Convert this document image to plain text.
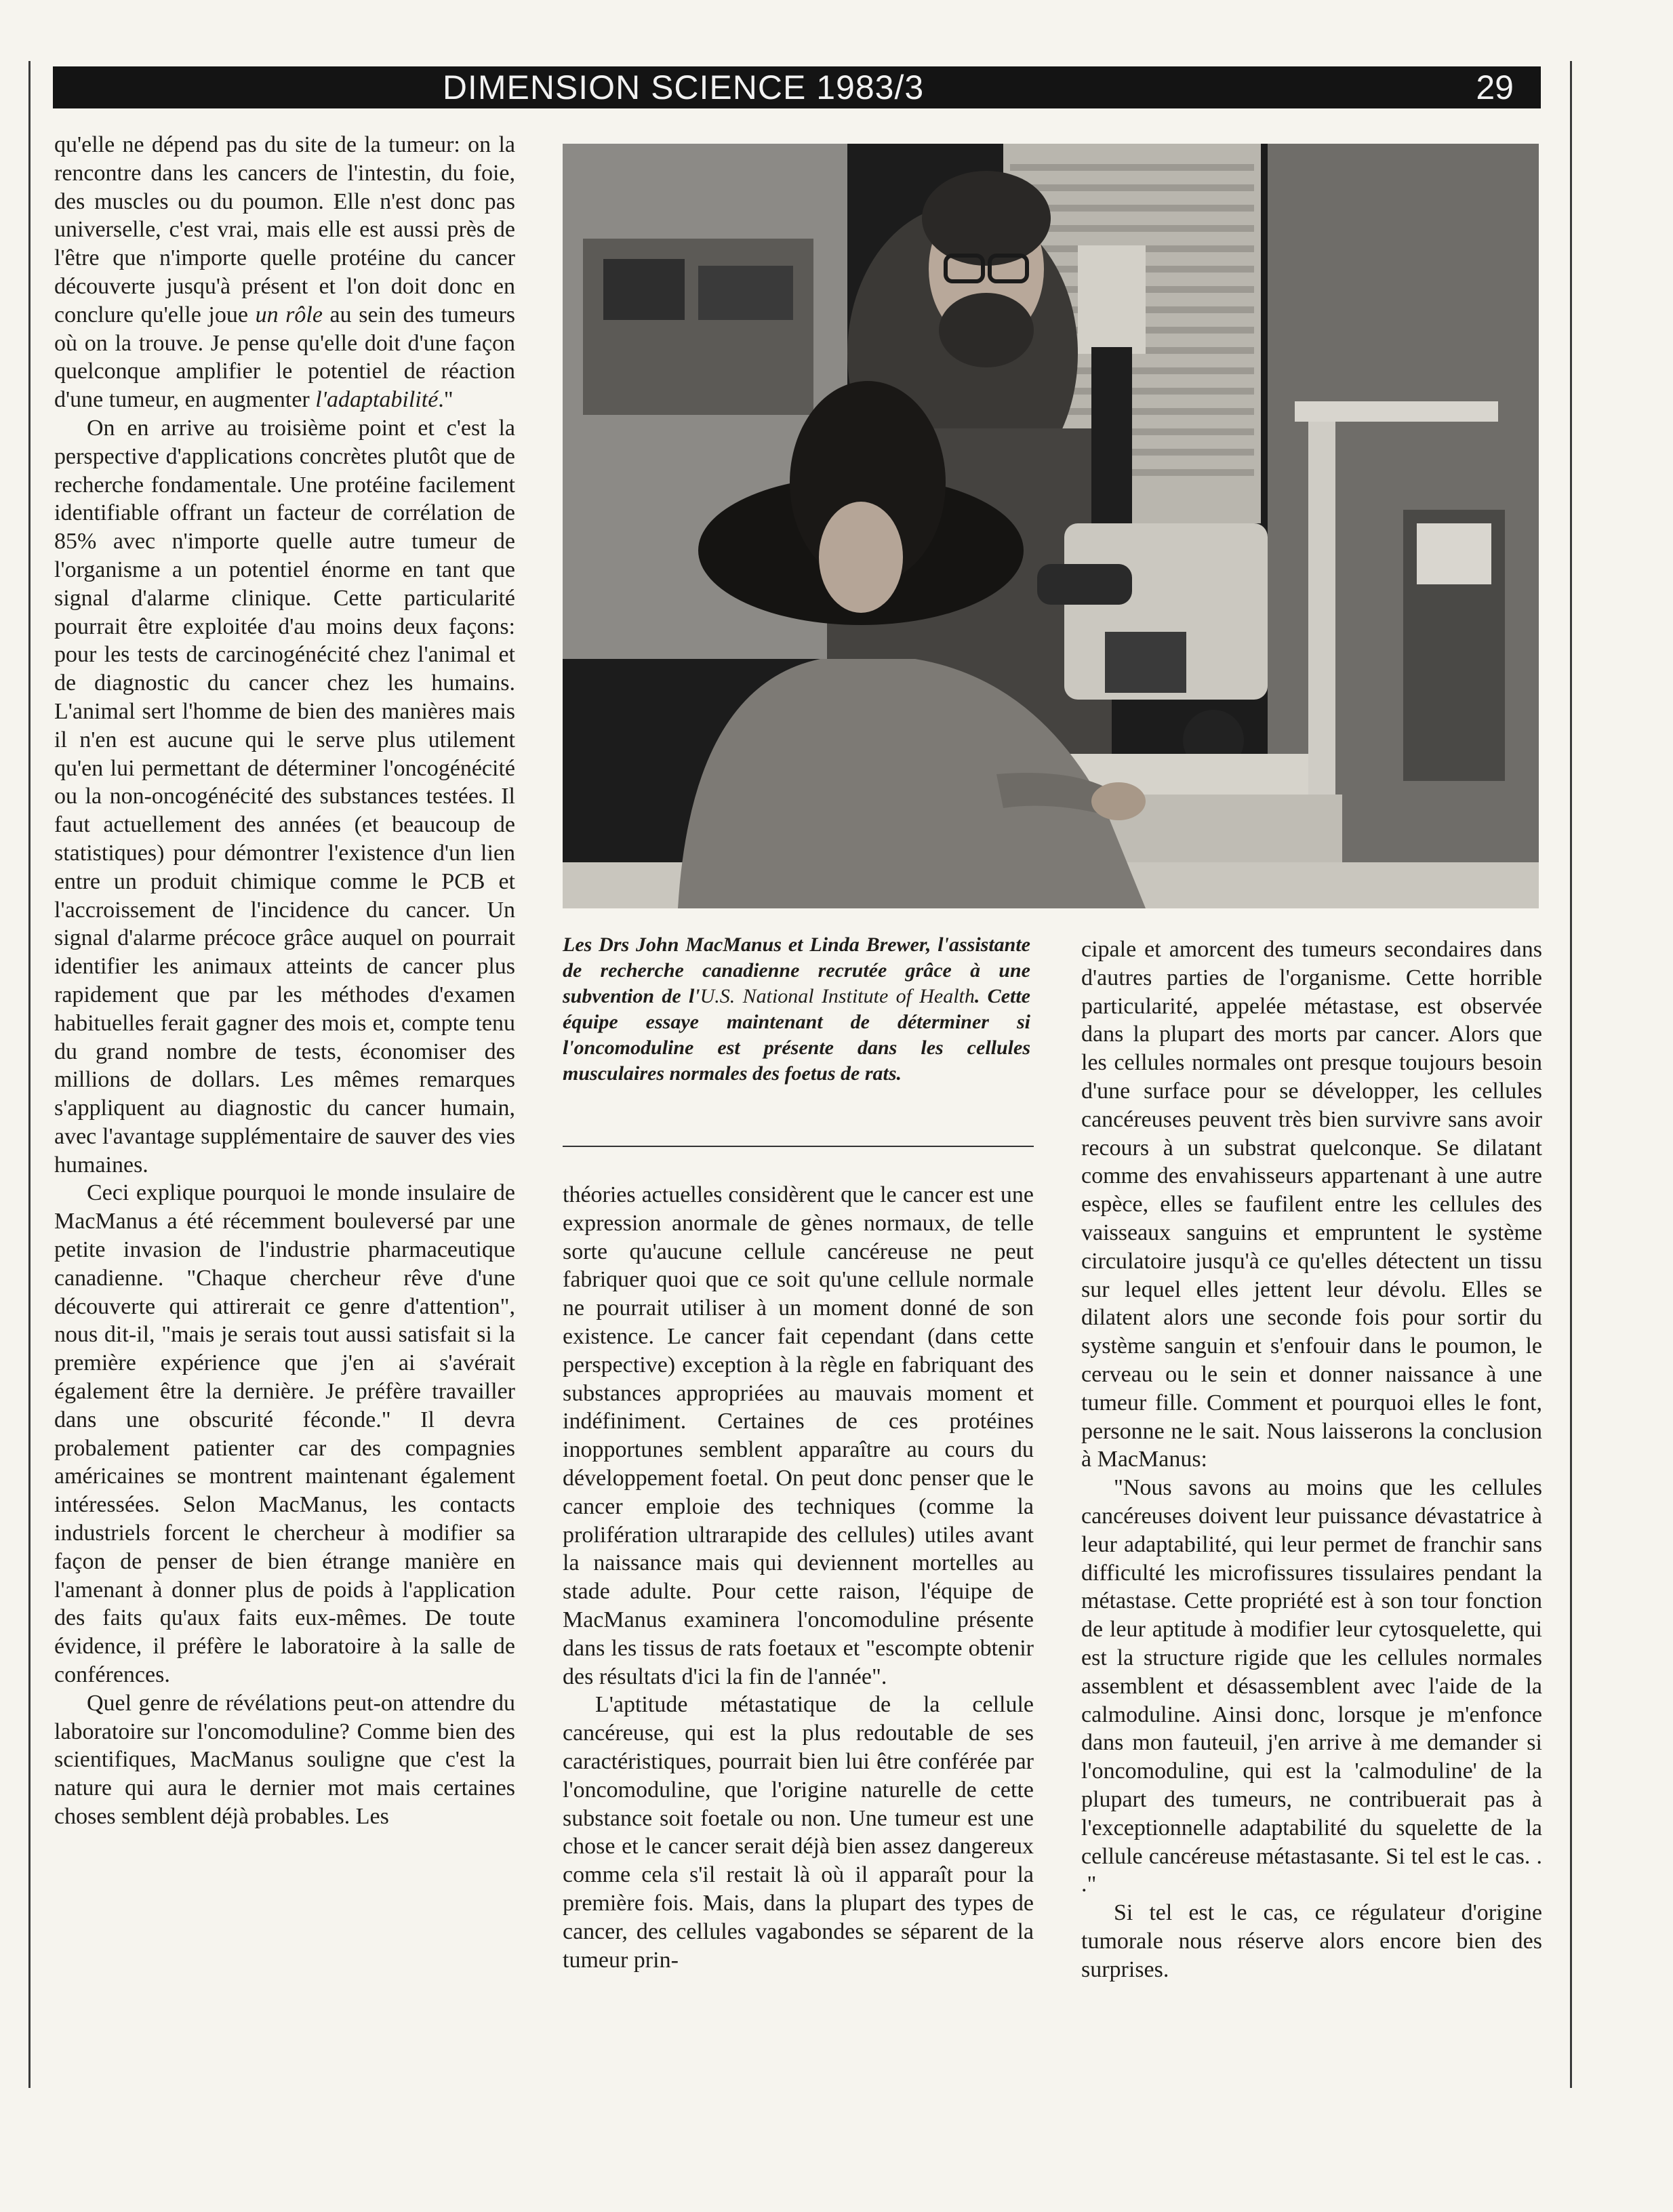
DIMENSION SCIENCE 1983/3	29

qu'elle ne dépend pas du site de la tumeur: on la rencontre dans les cancers de l'intestin, du foie, des muscles ou du poumon. Elle n'est donc pas universelle, c'est vrai, mais elle est aussi près de l'être que n'importe quelle protéine du cancer découverte jusqu'à présent et l'on doit donc en conclure qu'elle joue un rôle au sein des tumeurs où on la trouve. Je pense qu'elle doit d'une façon quelconque amplifier le potentiel de réaction d'une tumeur, en augmenter l'adaptabilité."

On en arrive au troisième point et c'est la perspective d'applications concrètes plutôt que de recherche fondamentale. Une protéine facilement identifiable offrant un facteur de corrélation de 85% avec n'importe quelle autre tumeur de l'organisme a un potentiel énorme en tant que signal d'alarme clinique. Cette particularité pourrait être exploitée d'au moins deux façons: pour les tests de carcinogénécité chez l'animal et de diagnostic du cancer chez les humains. L'animal sert l'homme de bien des manières mais il n'en est aucune qui le serve plus utilement qu'en lui permettant de déterminer l'oncogénécité ou la non-oncogénécité des substances testées. Il faut actuellement des années (et beaucoup de statistiques) pour démontrer l'existence d'un lien entre un produit chimique comme le PCB et l'accroissement de l'incidence du cancer. Un signal d'alarme précoce grâce auquel on pourrait identifier les animaux atteints de cancer plus rapidement que par les méthodes d'examen habituelles ferait gagner des mois et, compte tenu du grand nombre de tests, économiser des millions de dollars. Les mêmes remarques s'appliquent au diagnostic du cancer humain, avec l'avantage supplémentaire de sauver des vies humaines.

Ceci explique pourquoi le monde insulaire de MacManus a été récemment bouleversé par une petite invasion de l'industrie pharmaceutique canadienne. "Chaque chercheur rêve d'une découverte qui attirerait ce genre d'attention", nous dit-il, "mais je serais tout aussi satisfait si la première expérience que j'en ai s'avérait également être la dernière. Je préfère travailler dans une obscurité féconde." Il devra probalement patienter car des compagnies américaines se montrent maintenant également intéressées. Selon MacManus, les contacts industriels forcent le chercheur à modifier sa façon de penser de bien étrange manière en l'amenant à donner plus de poids à l'application des faits qu'aux faits eux-mêmes. De toute évidence, il préfère le laboratoire à la salle de conférences.

Quel genre de révélations peut-on attendre du laboratoire sur l'oncomoduline? Comme bien des scientifiques, MacManus souligne que c'est la nature qui aura le dernier mot mais certaines choses semblent déjà probables. Les

Les Drs John MacManus et Linda Brewer, l'assistante de recherche canadienne recrutée grâce à une subvention de l'U.S. National Institute of Health. Cette équipe essaye maintenant de déterminer si l'oncomoduline est présente dans les cellules musculaires normales des foetus de rats.

théories actuelles considèrent que le cancer est une expression anormale de gènes normaux, de telle sorte qu'aucune cellule cancéreuse ne peut fabriquer quoi que ce soit qu'une cellule normale ne pourrait utiliser à un moment donné de son existence. Le cancer fait cependant (dans cette perspective) exception à la règle en fabriquant des substances appropriées au mauvais moment et indéfiniment. Certaines de ces protéines inopportunes semblent apparaître au cours du développement foetal. On peut donc penser que le cancer emploie des techniques (comme la prolifération ultrarapide des cellules) utiles avant la naissance mais qui deviennent mortelles au stade adulte. Pour cette raison, l'équipe de MacManus examinera l'oncomoduline présente dans les tissus de rats foetaux et "escompte obtenir des résultats d'ici la fin de l'année".

L'aptitude métastatique de la cellule cancéreuse, qui est la plus redoutable de ses caractéristiques, pourrait bien lui être conférée par l'oncomoduline, que l'origine naturelle de cette substance soit foetale ou non. Une tumeur est une chose et le cancer serait déjà bien assez dangereux comme cela s'il restait là où il apparaît pour la première fois. Mais, dans la plupart des types de cancer, des cellules vagabondes se séparent de la tumeur prin-

cipale et amorcent des tumeurs secondaires dans d'autres parties de l'organisme. Cette horrible particularité, appelée métastase, est observée dans la plupart des morts par cancer. Alors que les cellules normales ont presque toujours besoin d'une surface pour se développer, les cellules cancéreuses peuvent très bien survivre sans avoir recours à un substrat quelconque. Se dilatant comme des envahisseurs appartenant à une autre espèce, elles se faufilent entre les cellules des vaisseaux sanguins et empruntent le système circulatoire jusqu'à ce qu'elles détectent un tissu sur lequel elles jettent leur dévolu. Elles se dilatent alors une seconde fois pour sortir du système sanguin et s'enfouir dans le poumon, le cerveau ou le sein et donner naissance à une tumeur fille. Comment et pourquoi elles le font, personne ne le sait. Nous laisserons la conclusion à MacManus:

"Nous savons au moins que les cellules cancéreuses doivent leur puissance dévastatrice à leur adaptabilité, qui leur permet de franchir sans difficulté les microfissures tissulaires pendant la métastase. Cette propriété est à son tour fonction de leur aptitude à modifier leur cytosquelette, qui est la structure rigide que les cellules normales assemblent et désassemblent avec l'aide de la calmoduline. Ainsi donc, lorsque je m'enfonce dans mon fauteuil, j'en arrive à me demander si l'oncomoduline, qui est la 'calmoduline' de la plupart des tumeurs, ne contribuerait pas à l'exceptionnelle adaptabilité du squelette de la cellule cancéreuse métastasante. Si tel est le cas. . ."

Si tel est le cas, ce régulateur d'origine tumorale nous réserve alors encore bien des surprises.
